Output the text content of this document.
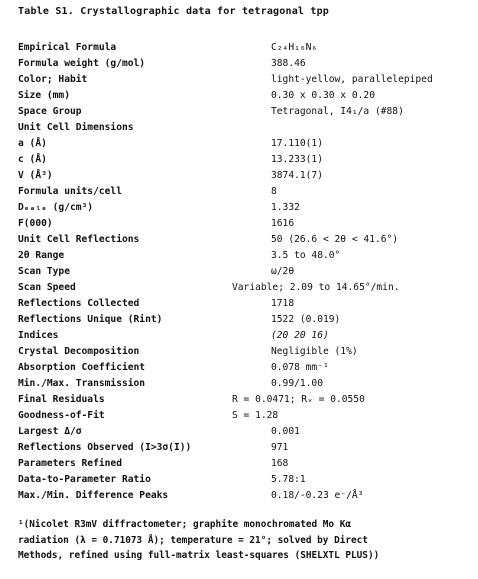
Table S1. Crystallographic data for tetragonal tpp
Empirical Formula	C₂₄H₁₆N₆
Formula weight (g/mol)	388.46
Color; Habit	light-yellow, parallelepiped
Size (mm)	0.30 x 0.30 x 0.20
Space Group	Tetragonal, I4₁/a (#88)
Unit Cell Dimensions
a (Å)	17.110(1)
c (Å)	13.233(1)
V (Å³)	3874.1(7)
Formula units/cell	8
Dₑₐₗₑ (g/cm³)	1.332
F(000)	1616
Unit Cell Reflections	50 (26.6 < 2θ < 41.6°)
2θ Range	3.5 to 48.0°
Scan Type	ω/2θ
Scan Speed	Variable; 2.09 to 14.65°/min.
Reflections Collected	1718
Reflections Unique (Rint)	1522 (0.019)
Indices	(20 20 16)
Crystal Decomposition	Negligible (1%)
Absorption Coefficient	0.078 mm⁻¹
Min./Max. Transmission	0.99/1.00
Final Residuals	R = 0.0471; Rᵥ = 0.0550
Goodness-of-Fit	S = 1.28
Largest Δ/σ	0.001
Reflections Observed (I>3σ(I))	971
Parameters Refined	168
Data-to-Parameter Ratio	5.78:1
Max./Min. Difference Peaks	0.18/-0.23 e⁻/Å³
¹(Nicolet R3mV diffractometer; graphite monochromated Mo Kα
radiation (λ = 0.71073 Å); temperature = 21°; solved by Direct
Methods, refined using full-matrix least-squares (SHELXTL PLUS))
